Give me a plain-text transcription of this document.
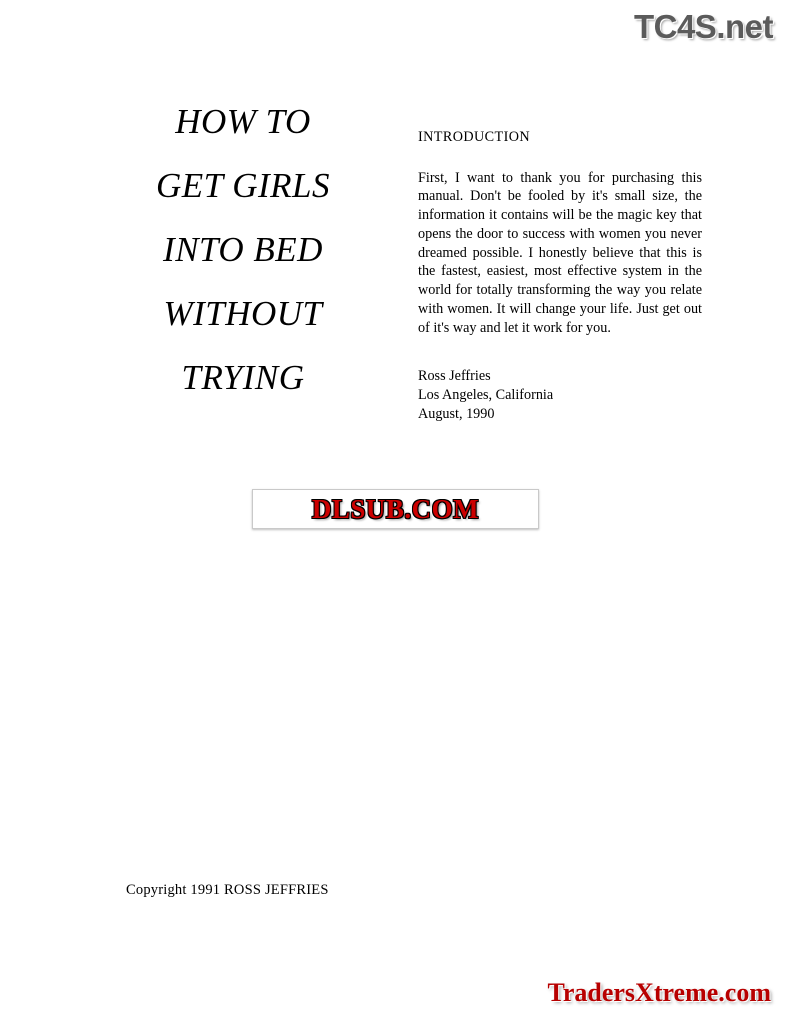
TC4S.net
HOW TO
GET GIRLS
INTO BED
WITHOUT
TRYING
INTRODUCTION
First, I want to thank you for purchasing this manual. Don't be fooled by it's small size, the information it contains will be the magic key that opens the door to success with women you never dreamed possible. I honestly believe that this is the fastest, easiest, most effective system in the world for totally transforming the way you relate with women. It will change your life. Just get out of it's way and let it work for you.
Ross Jeffries
Los Angeles, California
August, 1990
DLSUB.COM
Copyright 1991 ROSS JEFFRIES
TradersXtreme.com
